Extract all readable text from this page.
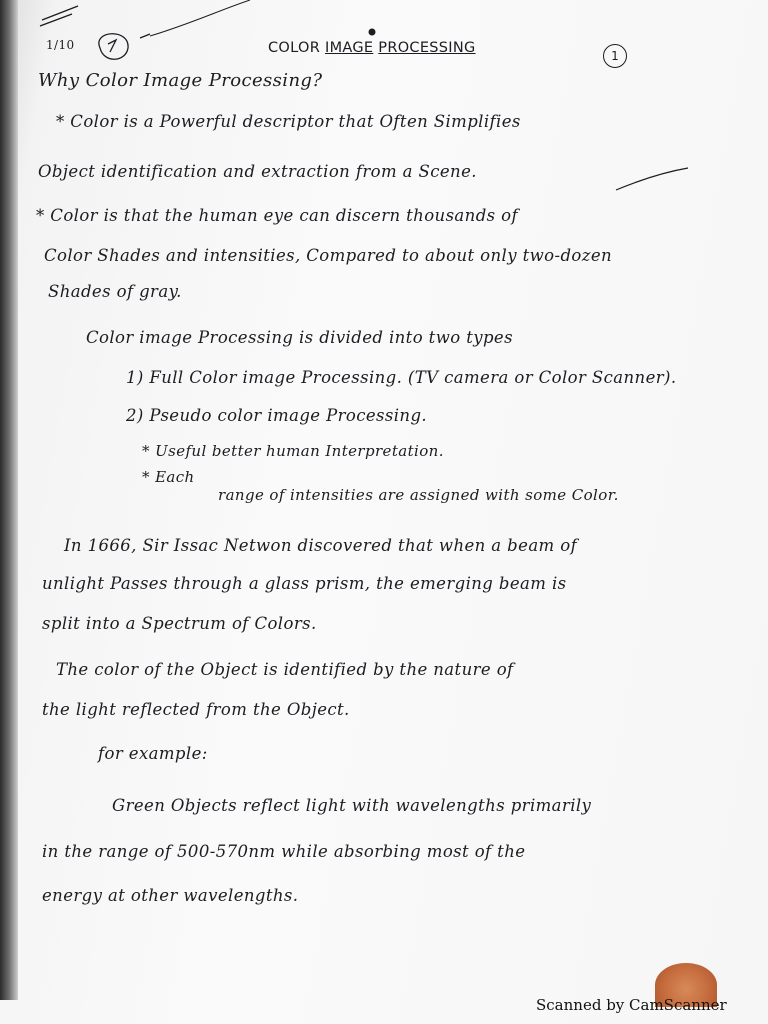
1/10	COLOR IMAGE PROCESSING	1
Why Color Image Processing?
* Color is a Powerful descriptor that Often Simplifies
Object identification and extraction from a Scene.
* Color is that the human eye can discern thousands of
Color Shades and intensities, Compared to about only two-dozen
Shades of gray.
Color image Processing is divided into two types
1) Full Color image Processing. (TV camera or Color Scanner).
2) Pseudo color image Processing.
* Useful better human Interpretation.
* Each
range of intensities are assigned with some Color.
In 1666, Sir Issac Netwon discovered that when a beam of
unlight Passes through a glass prism, the emerging beam is
split into a Spectrum of Colors.
The color of the Object is identified by the nature of
the light reflected from the Object.
for example:
Green Objects reflect light with wavelengths primarily
in the range of 500-570nm while absorbing most of the
energy at other wavelengths.
Scanned by CamScanner
